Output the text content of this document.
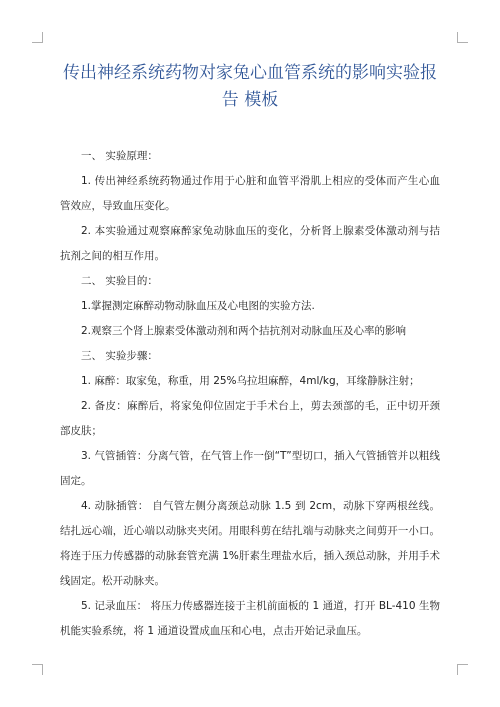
传出神经系统药物对家兔心血管系统的影响实验报告 模板

一、 实验原理：

1. 传出神经系统药物通过作用于心脏和血管平滑肌上相应的受体而产生心血管效应，导致血压变化。

2. 本实验通过观察麻醉家兔动脉血压的变化，分析肾上腺素受体激动剂与拮抗剂之间的相互作用。

二、 实验目的：

1.掌握测定麻醉动物动脉血压及心电图的实验方法.

2.观察三个肾上腺素受体激动剂和两个拮抗剂对动脉血压及心率的影响

三、 实验步骤：

1. 麻醉：取家兔，称重，用 25%乌拉坦麻醉，4ml/kg，耳缘静脉注射；

2. 备皮：麻醉后，将家兔仰位固定于手术台上，剪去颈部的毛，正中切开颈部皮肤；

3. 气管插管：分离气管，在气管上作一倒“T”型切口，插入气管插管并以粗线固定。

4. 动脉插管： 自气管左侧分离颈总动脉 1.5 到 2cm，动脉下穿两根丝线。结扎远心端，近心端以动脉夹夹闭。用眼科剪在结扎端与动脉夹之间剪开一小口。将连于压力传感器的动脉套管充满 1%肝素生理盐水后，插入颈总动脉，并用手术线固定。松开动脉夹。

5. 记录血压： 将压力传感器连接于主机前面板的 1 通道，打开 BL-410 生物机能实验系统，将 1 通道设置成血压和心电，点击开始记录血压。
